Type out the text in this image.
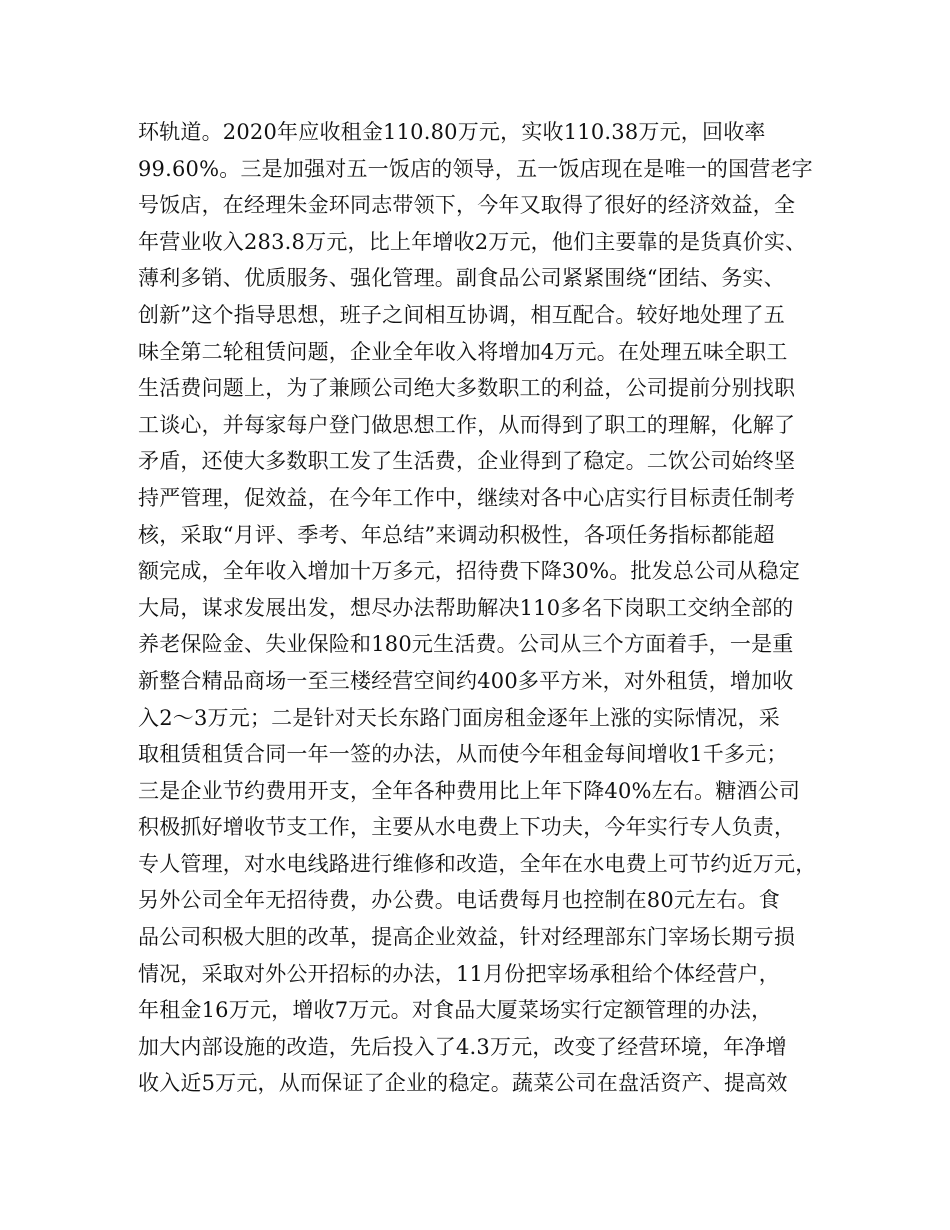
环轨道。2020年应收租金110.80万元，实收110.38万元，回收率
99.60%。三是加强对五一饭店的领导，五一饭店现在是唯一的国营老字
号饭店，在经理朱金环同志带领下，今年又取得了很好的经济效益，全
年营业收入283.8万元，比上年增收2万元，他们主要靠的是货真价实、
薄利多销、优质服务、强化管理。副食品公司紧紧围绕“团结、务实、
创新”这个指导思想，班子之间相互协调，相互配合。较好地处理了五
味全第二轮租赁问题，企业全年收入将增加4万元。在处理五味全职工
生活费问题上，为了兼顾公司绝大多数职工的利益，公司提前分别找职
工谈心，并每家每户登门做思想工作，从而得到了职工的理解，化解了
矛盾，还使大多数职工发了生活费，企业得到了稳定。二饮公司始终坚
持严管理，促效益，在今年工作中，继续对各中心店实行目标责任制考
核，采取“月评、季考、年总结”来调动积极性，各项任务指标都能超
额完成，全年收入增加十万多元，招待费下降30%。批发总公司从稳定
大局，谋求发展出发，想尽办法帮助解决110多名下岗职工交纳全部的
养老保险金、失业保险和180元生活费。公司从三个方面着手，一是重
新整合精品商场一至三楼经营空间约400多平方米，对外租赁，增加收
入2～3万元；二是针对天长东路门面房租金逐年上涨的实际情况，采
取租赁租赁合同一年一签的办法，从而使今年租金每间增收1千多元；
三是企业节约费用开支，全年各种费用比上年下降40%左右。糖酒公司
积极抓好增收节支工作，主要从水电费上下功夫，今年实行专人负责，
专人管理，对水电线路进行维修和改造，全年在水电费上可节约近万元，
另外公司全年无招待费，办公费。电话费每月也控制在80元左右。食
品公司积极大胆的改革，提高企业效益，针对经理部东门宰场长期亏损
情况，采取对外公开招标的办法，11月份把宰场承租给个体经营户，
年租金16万元，增收7万元。对食品大厦菜场实行定额管理的办法，
加大内部设施的改造，先后投入了4.3万元，改变了经营环境，年净增
收入近5万元，从而保证了企业的稳定。蔬菜公司在盘活资产、提高效
